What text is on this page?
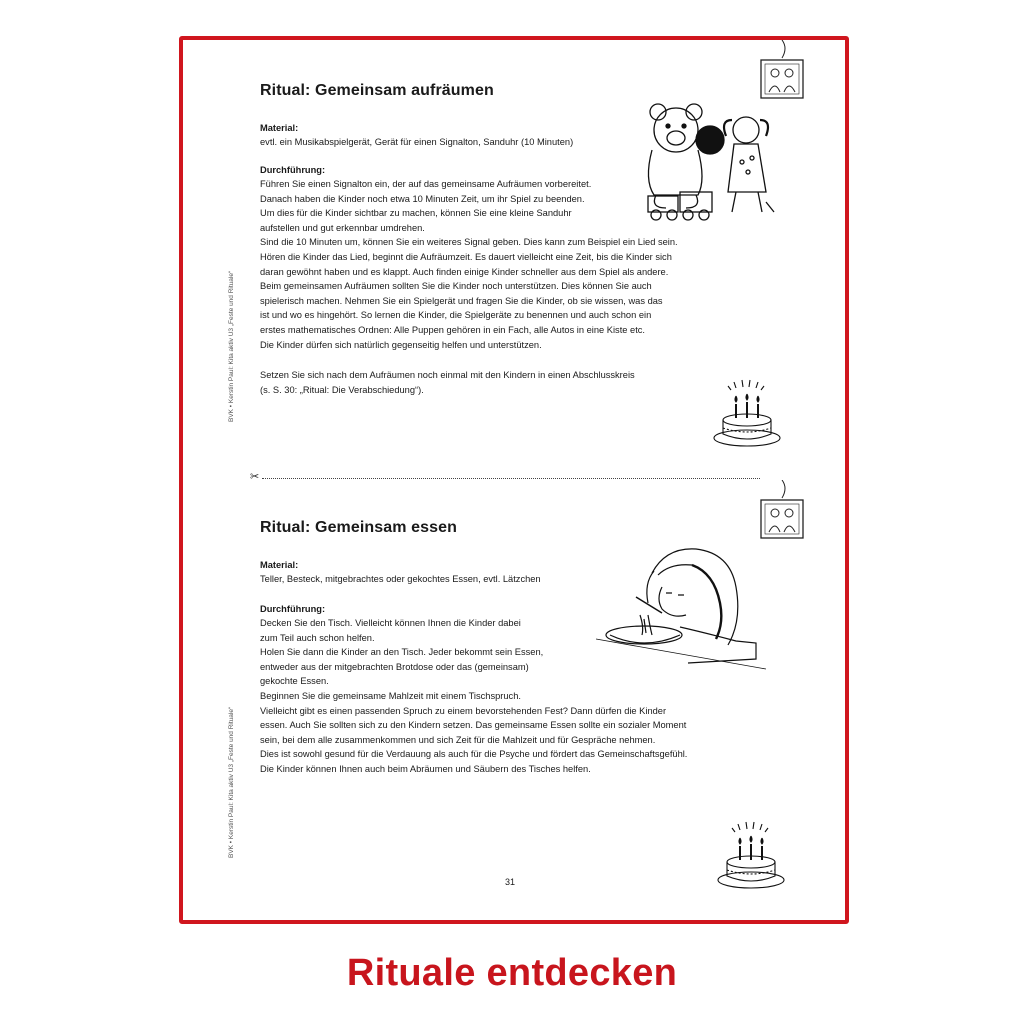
BVK • Kerstin Paul: Kita aktiv U3 „Feste und Rituale“
BVK • Kerstin Paul: Kita aktiv U3 „Feste und Rituale“
Ritual: Gemeinsam aufräumen

Material:

evtl. ein Musikabspielgerät, Gerät für einen Signalton, Sanduhr (10 Minuten)

Durchführung:

Führen Sie einen Signalton ein, der auf das gemeinsame Aufräumen vorbereitet.
Danach haben die Kinder noch etwa 10 Minuten Zeit, um ihr Spiel zu beenden.
Um dies für die Kinder sichtbar zu machen, können Sie eine kleine Sanduhr
aufstellen und gut erkennbar umdrehen.
Sind die 10 Minuten um, können Sie ein weiteres Signal geben. Dies kann zum Beispiel ein Lied sein.
Hören die Kinder das Lied, beginnt die Aufräumzeit. Es dauert vielleicht eine Zeit, bis die Kinder sich
daran gewöhnt haben und es klappt. Auch finden einige Kinder schneller aus dem Spiel als andere.
Beim gemeinsamen Aufräumen sollten Sie die Kinder noch unterstützen. Dies können Sie auch
spielerisch machen. Nehmen Sie ein Spielgerät und fragen Sie die Kinder, ob sie wissen, was das
ist und wo es hingehört. So lernen die Kinder, die Spielgeräte zu benennen und auch schon ein
erstes mathematisches Ordnen: Alle Puppen gehören in ein Fach, alle Autos in eine Kiste etc.
Die Kinder dürfen sich natürlich gegenseitig helfen und unterstützen.

Setzen Sie sich nach dem Aufräumen noch einmal mit den Kindern in einen Abschlusskreis
(s. S. 30: „Ritual: Die Verabschiedung“).

✂
Ritual: Gemeinsam essen

Material:

Teller, Besteck, mitgebrachtes oder gekochtes Essen, evtl. Lätzchen

Durchführung:

Decken Sie den Tisch. Vielleicht können Ihnen die Kinder dabei
zum Teil auch schon helfen.
Holen Sie dann die Kinder an den Tisch. Jeder bekommt sein Essen,
entweder aus der mitgebrachten Brotdose oder das (gemeinsam)
gekochte Essen.
Beginnen Sie die gemeinsame Mahlzeit mit einem Tischspruch.
Vielleicht gibt es einen passenden Spruch zu einem bevorstehenden Fest? Dann dürfen die Kinder
essen. Auch Sie sollten sich zu den Kindern setzen. Das gemeinsame Essen sollte ein sozialer Moment
sein, bei dem alle zusammenkommen und sich Zeit für die Mahlzeit und für Gespräche nehmen.
Dies ist sowohl gesund für die Verdauung als auch für die Psyche und fördert das Gemeinschaftsgefühl.
Die Kinder können Ihnen auch beim Abräumen und Säubern des Tisches helfen.

31
Rituale entdecken
